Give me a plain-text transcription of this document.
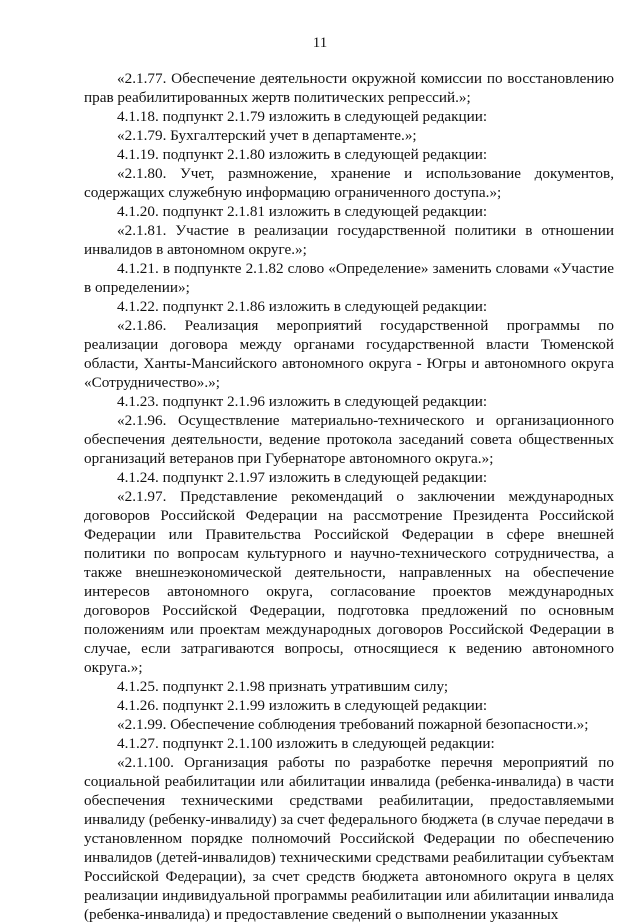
11

«2.1.77. Обеспечение деятельности окружной комиссии по восстановлению прав реабилитированных жертв политических репрессий.»;

4.1.18. подпункт 2.1.79 изложить в следующей редакции:

«2.1.79. Бухгалтерский учет в департаменте.»;

4.1.19. подпункт 2.1.80 изложить в следующей редакции:

«2.1.80. Учет, размножение, хранение и использование документов, содержащих служебную информацию ограниченного доступа.»;

4.1.20. подпункт 2.1.81 изложить в следующей редакции:

«2.1.81. Участие в реализации государственной политики в отношении инвалидов в автономном округе.»;

4.1.21. в подпункте 2.1.82 слово «Определение» заменить словами «Участие в определении»;

4.1.22. подпункт 2.1.86 изложить в следующей редакции:

«2.1.86. Реализация мероприятий государственной программы по реализации договора между органами государственной власти Тюменской области, Ханты-Мансийского автономного округа - Югры и автономного округа «Сотрудничество».»;

4.1.23. подпункт 2.1.96 изложить в следующей редакции:

«2.1.96. Осуществление материально-технического и организационного обеспечения деятельности, ведение протокола заседаний совета общественных организаций ветеранов при Губернаторе автономного округа.»;

4.1.24. подпункт 2.1.97 изложить в следующей редакции:

«2.1.97. Представление рекомендаций о заключении международных договоров Российской Федерации на рассмотрение Президента Российской Федерации или Правительства Российской Федерации в сфере внешней политики по вопросам культурного и научно-технического сотрудничества, а также внешнеэкономической деятельности, направленных на обеспечение интересов автономного округа, согласование проектов международных договоров Российской Федерации, подготовка предложений по основным положениям или проектам международных договоров Российской Федерации в случае, если затрагиваются вопросы, относящиеся к ведению автономного округа.»;

4.1.25. подпункт 2.1.98 признать утратившим силу;

4.1.26. подпункт 2.1.99 изложить в следующей редакции:

«2.1.99. Обеспечение соблюдения требований пожарной безопасности.»;

4.1.27. подпункт 2.1.100 изложить в следующей редакции:

«2.1.100. Организация работы по разработке перечня мероприятий по социальной реабилитации или абилитации инвалида (ребенка-инвалида) в части обеспечения техническими средствами реабилитации, предоставляемыми инвалиду (ребенку-инвалиду) за счет федерального бюджета (в случае передачи в установленном порядке полномочий Российской Федерации по обеспечению инвалидов (детей-инвалидов) техническими средствами реабилитации субъектам Российской Федерации), за счет средств бюджета автономного округа в целях реализации индивидуальной программы реабилитации или абилитации инвалида (ребенка-инвалида) и предоставление сведений о выполнении указанных
